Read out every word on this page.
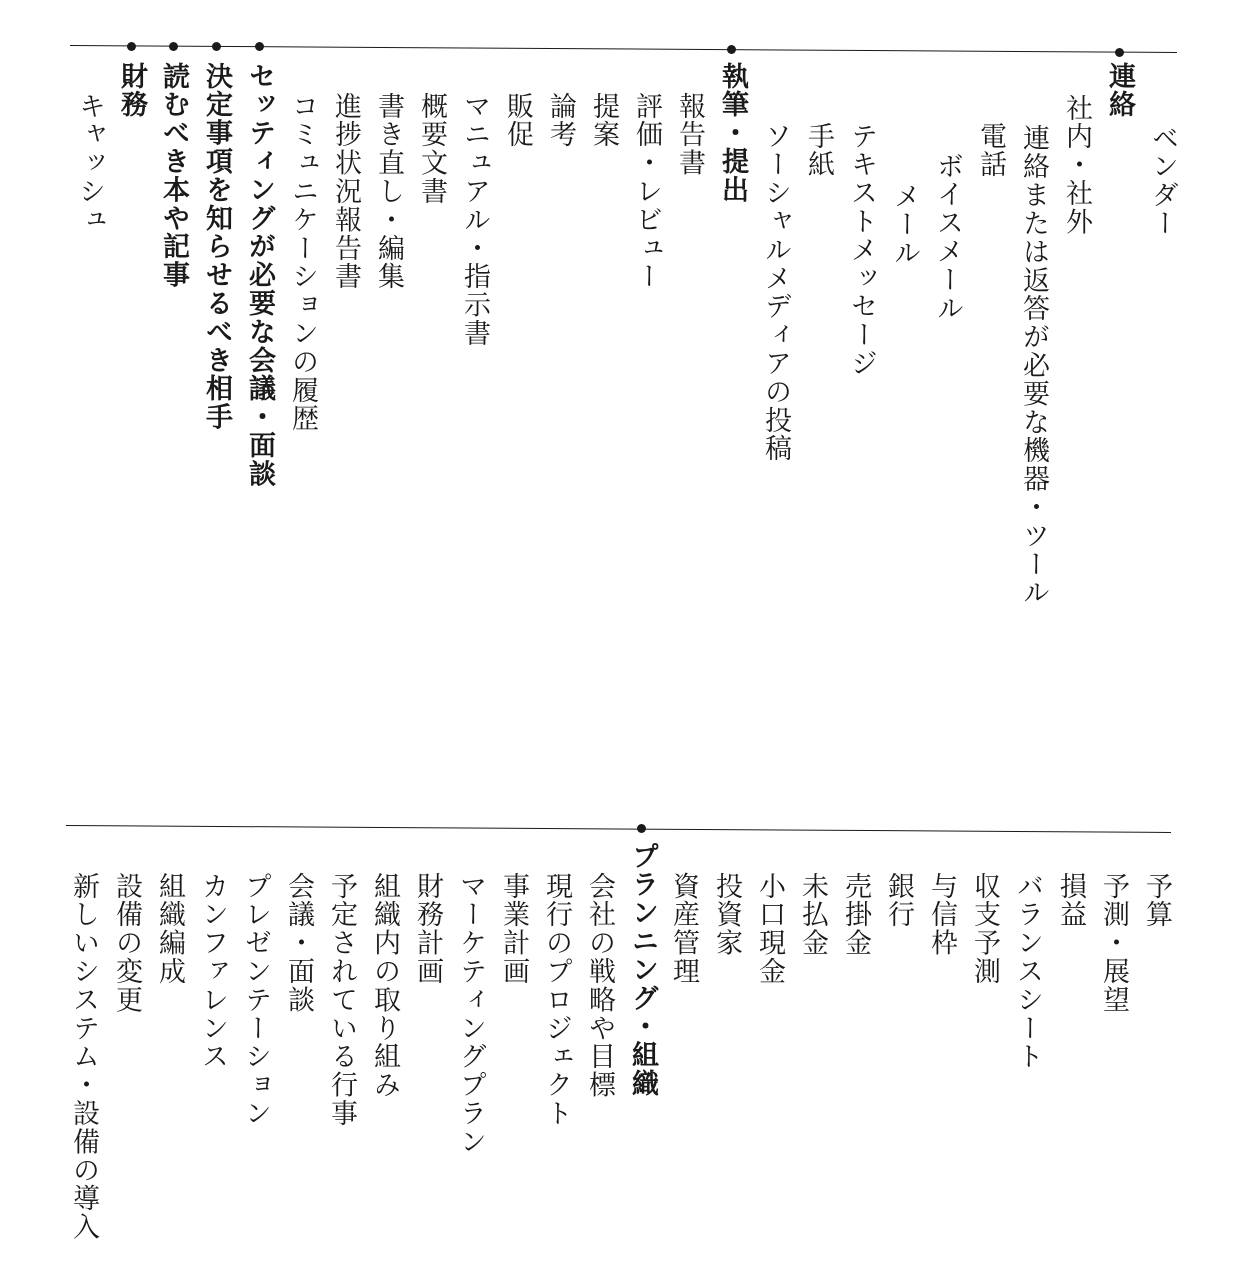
連絡
ベンダー
社内・社外
連絡または返答が必要な機器・ツール
電話
ボイスメール
メール
テキストメッセージ
手紙
ソーシャルメディアの投稿
執筆・提出
報告書
評価・レビュー
提案
論考
販促
マニュアル・指示書
概要文書
書き直し・編集
進捗状況報告書
コミュニケーションの履歴
セッティングが必要な会議・面談
決定事項を知らせるべき相手
読むべき本や記事
財務
キャッシュ
予算
予測・展望
損益
バランスシート
収支予測
与信枠
銀行
売掛金
未払金
小口現金
投資家
資産管理
プランニング・組織
会社の戦略や目標
現行のプロジェクト
事業計画
マーケティングプラン
財務計画
組織内の取り組み
予定されている行事
会議・面談
プレゼンテーション
カンファレンス
組織編成
設備の変更
新しいシステム・設備の導入
